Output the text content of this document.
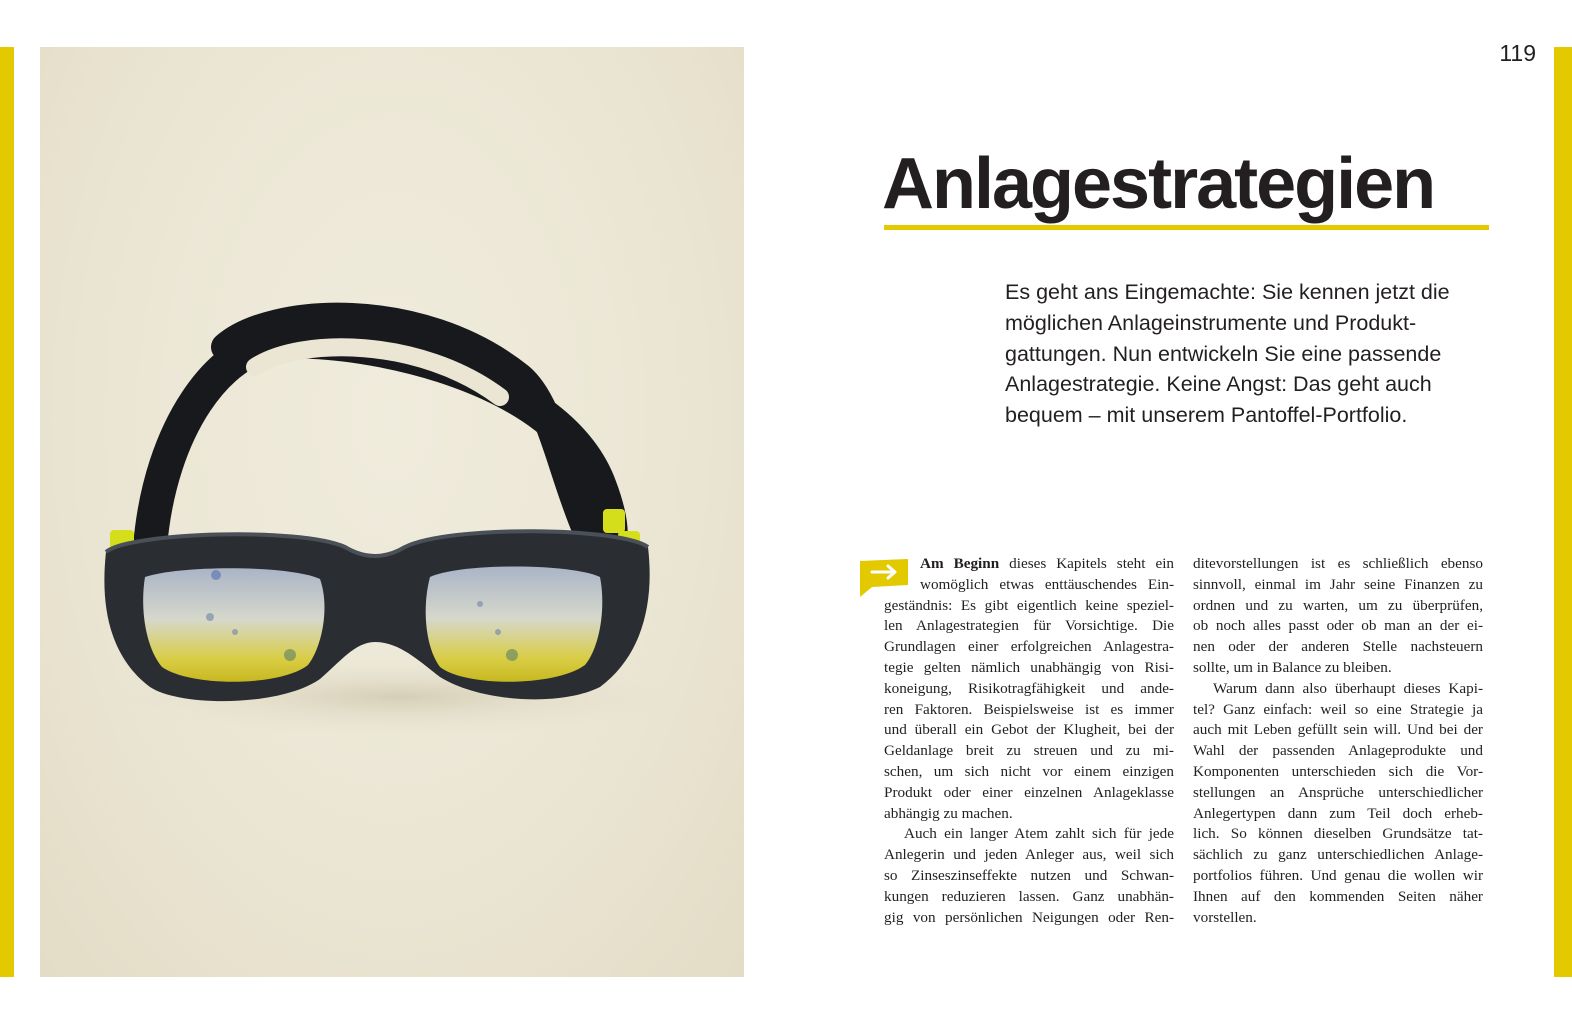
119
Anlagestrategien
Es geht ans Eingemachte: Sie kennen jetzt die
möglichen Anlageinstrumente und Produkt-
gattungen. Nun entwickeln Sie eine passende
Anlagestrategie. Keine Angst: Das geht auch
bequem – mit unserem Pantoffel-Portfolio.
Am Beginn dieses Kapitels steht ein
womöglich etwas enttäuschendes Ein-
geständnis: Es gibt eigentlich keine speziel-
len Anlagestrategien für Vorsichtige. Die
Grundlagen einer erfolgreichen Anlagestra-
tegie gelten nämlich unabhängig von Risi-
koneigung, Risikotragfähigkeit und ande-
ren Faktoren. Beispielsweise ist es immer
und überall ein Gebot der Klugheit, bei der
Geldanlage breit zu streuen und zu mi-
schen, um sich nicht vor einem einzigen
Produkt oder einer einzelnen Anlageklasse
abhängig zu machen.
Auch ein langer Atem zahlt sich für jede
Anlegerin und jeden Anleger aus, weil sich
so Zinseszinseffekte nutzen und Schwan-
kungen reduzieren lassen. Ganz unabhän-
gig von persönlichen Neigungen oder Ren-
ditevorstellungen ist es schließlich ebenso
sinnvoll, einmal im Jahr seine Finanzen zu
ordnen und zu warten, um zu überprüfen,
ob noch alles passt oder ob man an der ei-
nen oder der anderen Stelle nachsteuern
sollte, um in Balance zu bleiben.
Warum dann also überhaupt dieses Kapi-
tel? Ganz einfach: weil so eine Strategie ja
auch mit Leben gefüllt sein will. Und bei der
Wahl der passenden Anlageprodukte und
Komponenten unterschieden sich die Vor-
stellungen an Ansprüche unterschiedlicher
Anlegertypen dann zum Teil doch erheb-
lich. So können dieselben Grundsätze tat-
sächlich zu ganz unterschiedlichen Anlage-
portfolios führen. Und genau die wollen wir
Ihnen auf den kommenden Seiten näher
vorstellen.
